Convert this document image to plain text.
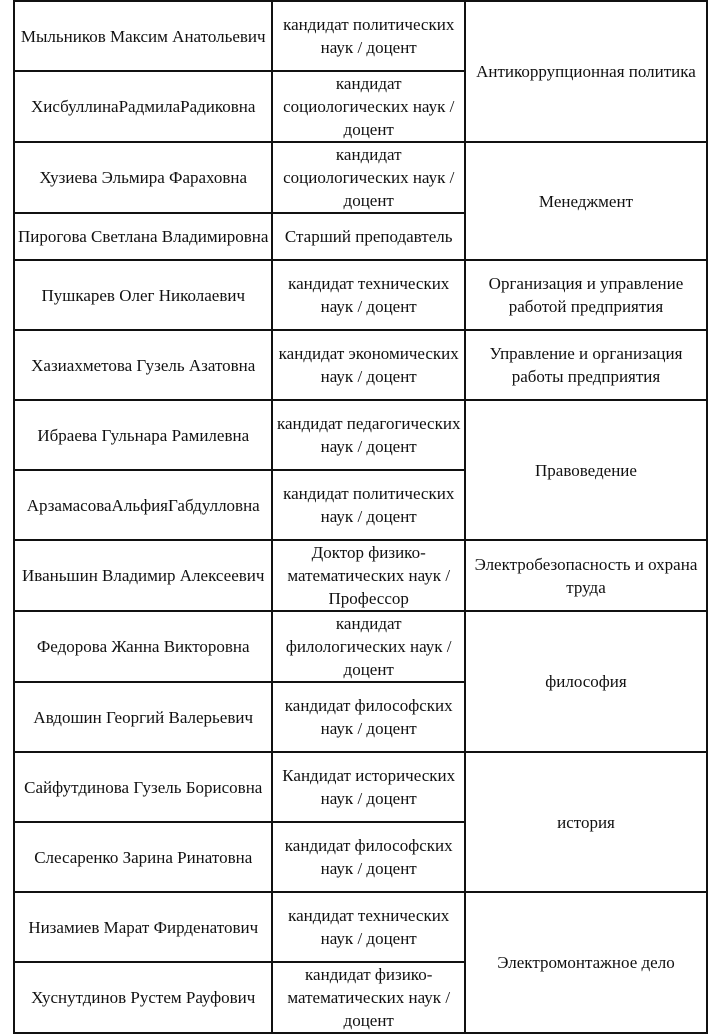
Мыльников Максим Анатольевич	кандидат политических наук / доцент	Антикоррупционная политика
ХисбуллинаРадмилаРадиковна	кандидат социологических наук / доцент	
Хузиева Эльмира Фараховна	кандидат социологических наук / доцент	Менеджмент
Пирогова Светлана Владимировна	Старший преподавтель	
Пушкарев Олег Николаевич	кандидат технических наук / доцент	Организация и управление работой предприятия
Хазиахметова Гузель Азатовна	кандидат экономических наук / доцент	Управление и организация работы предприятия
Ибраева Гульнара Рамилевна	кандидат педагогических наук / доцент	Правоведение
АрзамасоваАльфияГабдулловна	кандидат политических наук / доцент	
Иваньшин Владимир Алексеевич	Доктор физико-математических наук / Профессор	Электробезопасность и охрана труда
Федорова Жанна Викторовна	кандидат филологических наук / доцент	философия
Авдошин Георгий Валерьевич	кандидат философских наук / доцент	
Сайфутдинова Гузель Борисовна	Кандидат исторических наук / доцент	история
Слесаренко Зарина Ринатовна	кандидат философских наук / доцент	
Низамиев Марат Фирденатович	кандидат технических наук / доцент	Электромонтажное дело
Хуснутдинов Рустем Рауфович	кандидат физико-математических наук / доцент	
